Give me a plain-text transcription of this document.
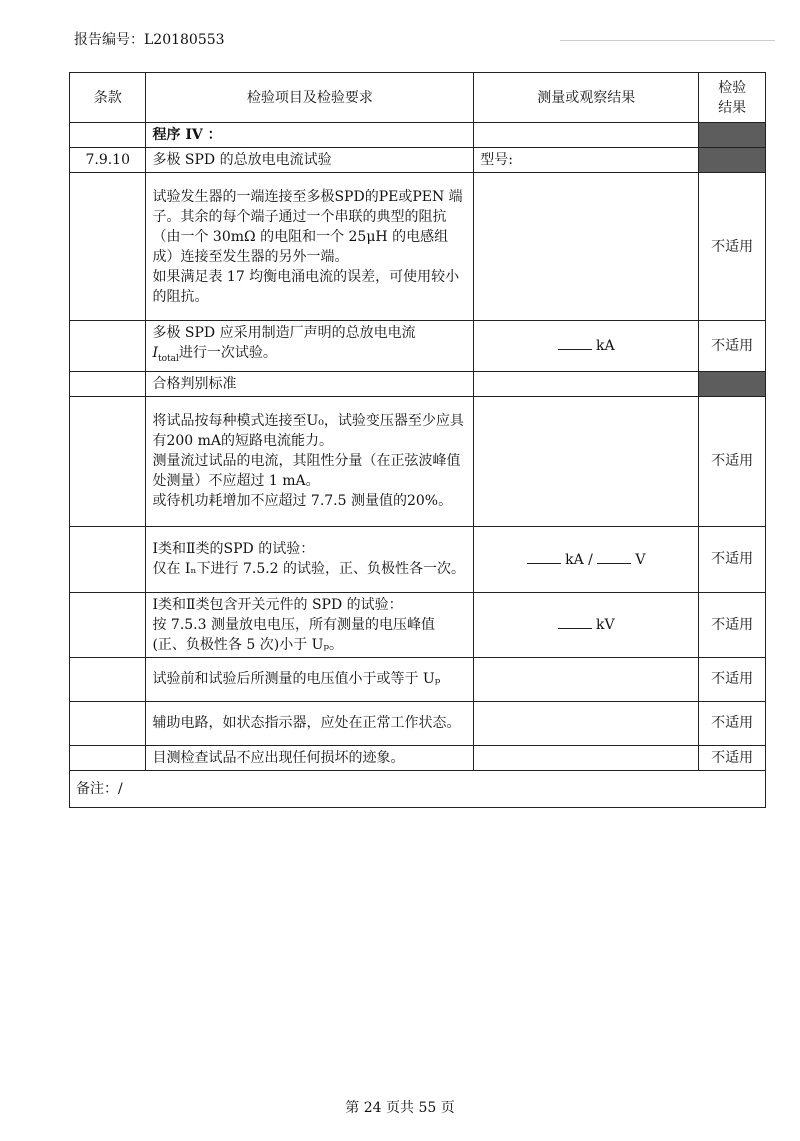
报告编号：L20180553
条款	检验项目及检验要求	测量或观察结果	检验
结果
	程序 IV ：		
7.9.10	多极 SPD 的总放电电流试验	型号:	
	试验发生器的一端连接至多极SPD的PE或PEN 端子。其余的每个端子通过一个串联的典型的阻抗（由一个 30mΩ 的电阻和一个 25μH 的电感组成）连接至发生器的另外一端。
如果满足表 17 均衡电涌电流的误差，可使用较小的阻抗。		不适用
	多极 SPD 应采用制造厂声明的总放电电流
$I_{total}$进行一次试验。	kA	不适用
	合格判别标准		
	将试品按每种模式连接至U₀，试验变压器至少应具有200 mA的短路电流能力。
测量流过试品的电流，其阻性分量（在正弦波峰值处测量）不应超过 1 mA。
或待机功耗增加不应超过 7.7.5 测量值的20%。		不适用
	Ⅰ类和Ⅱ类的SPD 的试验：
仅在 Iₙ下进行 7.5.2 的试验，正、负极性各一次。	kA / V	不适用
	Ⅰ类和Ⅱ类包含开关元件的 SPD 的试验：
按 7.5.3 测量放电电压，所有测量的电压峰值(正、负极性各 5 次)小于 Uₚ。	kV	不适用
	试验前和试验后所测量的电压值小于或等于 Uₚ		不适用
	辅助电路，如状态指示器，应处在正常工作状态。		不适用
	目测检查试品不应出现任何损坏的迹象。		不适用
备注：/			
第 24 页共 55 页
